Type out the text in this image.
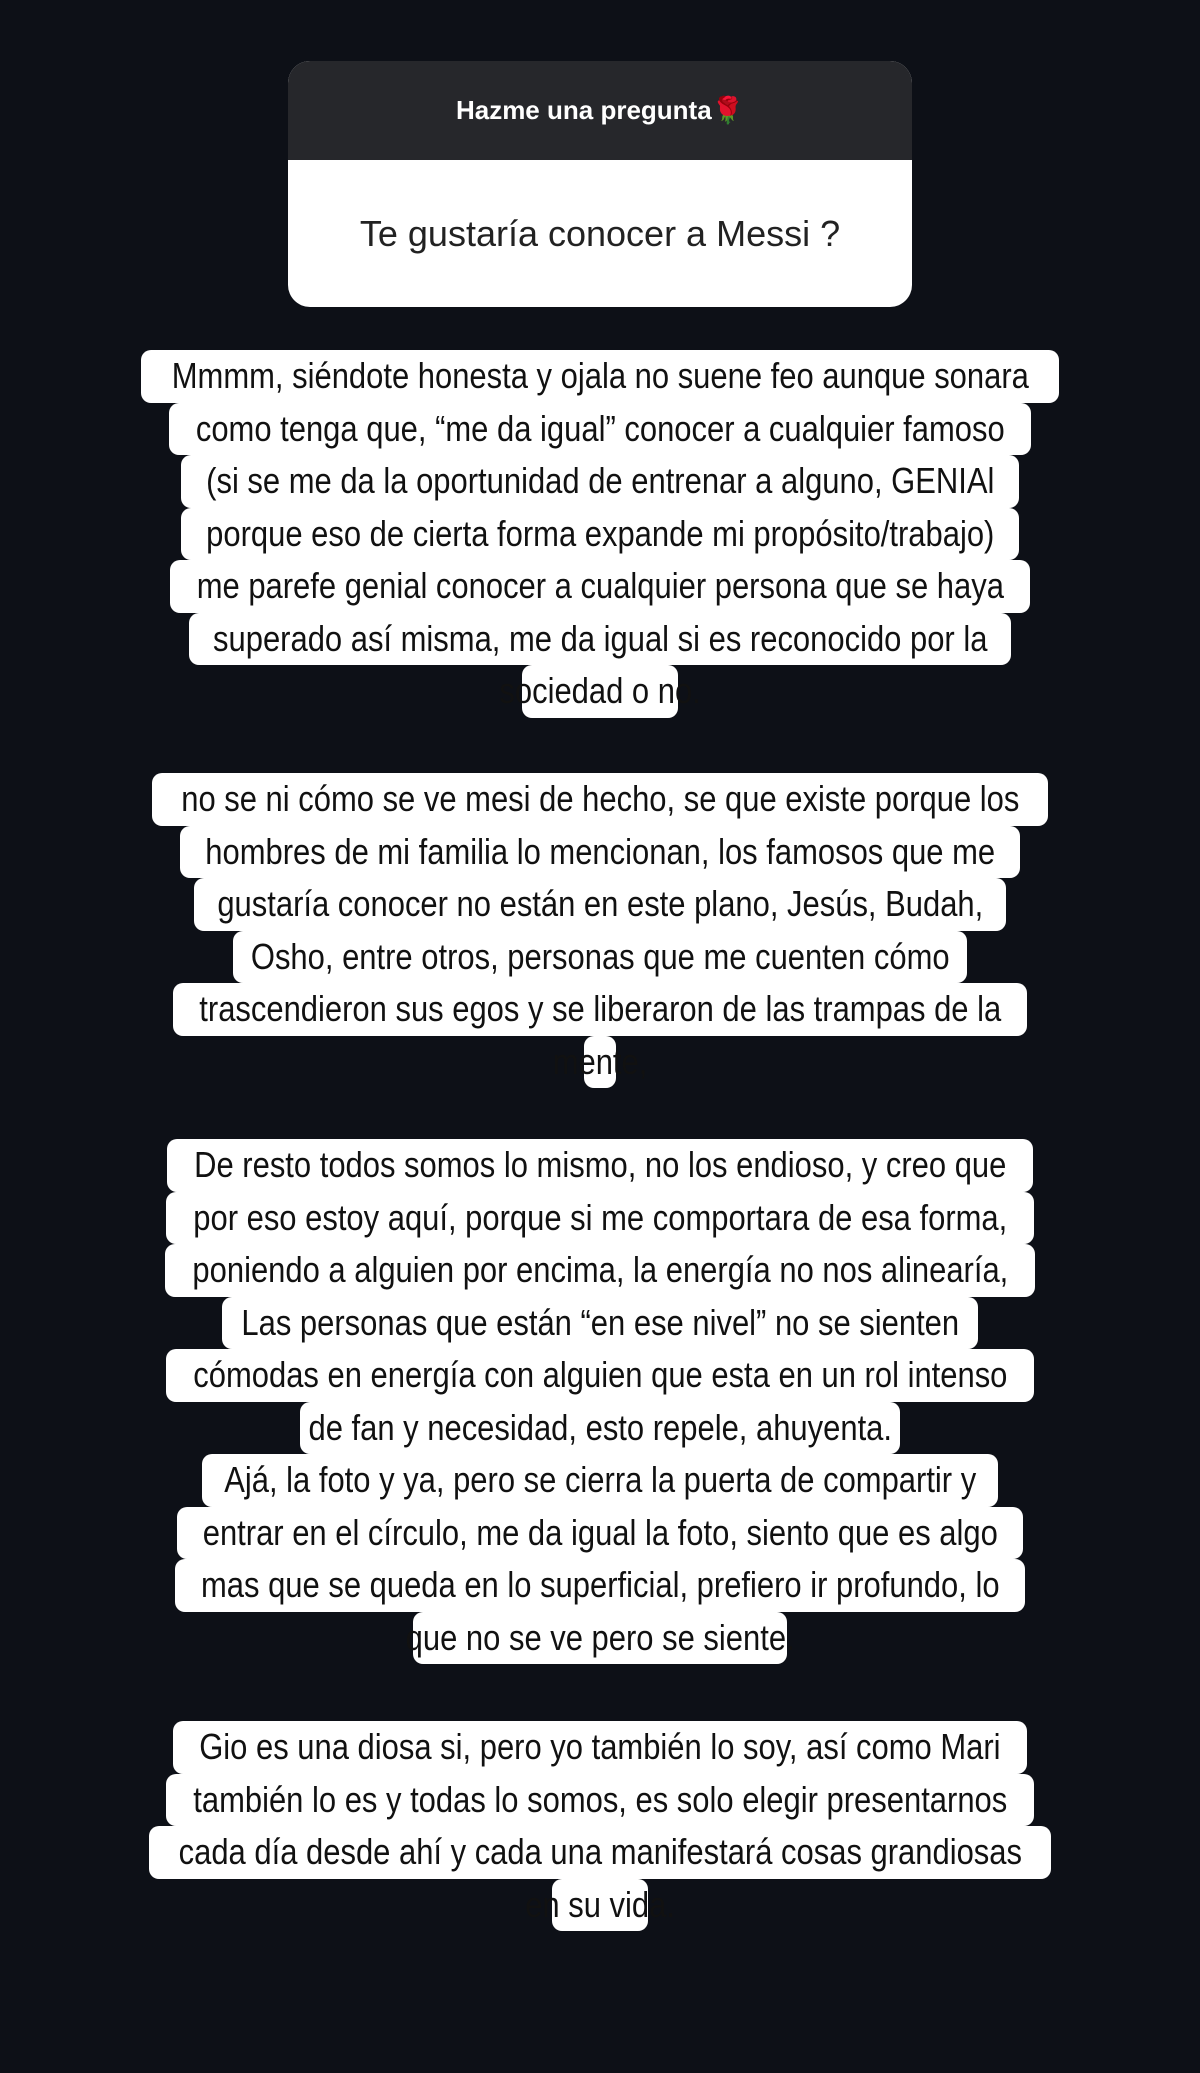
Hazme una pregunta🌹
Te gustaría conocer a Messi ?
Mmmm, siéndote honesta y ojala no suene feo aunque sonara
como tenga que, “me da igual” conocer a cualquier famoso
(si se me da la oportunidad de entrenar a alguno, GENIAl
porque eso de cierta forma expande mi propósito/trabajo)
me parefe genial conocer a cualquier persona que se haya
superado así misma, me da igual si es reconocido por la
sociedad o no.
no se ni cómo se ve mesi de hecho, se que existe porque los
hombres de mi familia lo mencionan, los famosos que me
gustaría conocer no están en este plano, Jesús, Budah,
Osho, entre otros, personas que me cuenten cómo
trascendieron sus egos y se liberaron de las trampas de la
mente,
De resto todos somos lo mismo, no los endioso, y creo que
por eso estoy aquí, porque si me comportara de esa forma,
poniendo a alguien por encima, la energía no nos alinearía,
Las personas que están “en ese nivel” no se sienten
cómodas en energía con alguien que esta en un rol intenso
de fan y necesidad, esto repele, ahuyenta.
Ajá, la foto y ya, pero se cierra la puerta de compartir y
entrar en el círculo, me da igual la foto, siento que es algo
mas que se queda en lo superficial, prefiero ir profundo, lo
que no se ve pero se siente.
Gio es una diosa si, pero yo también lo soy, así como Mari
también lo es y todas lo somos, es solo elegir presentarnos
cada día desde ahí y cada una manifestará cosas grandiosas
en su vida.
